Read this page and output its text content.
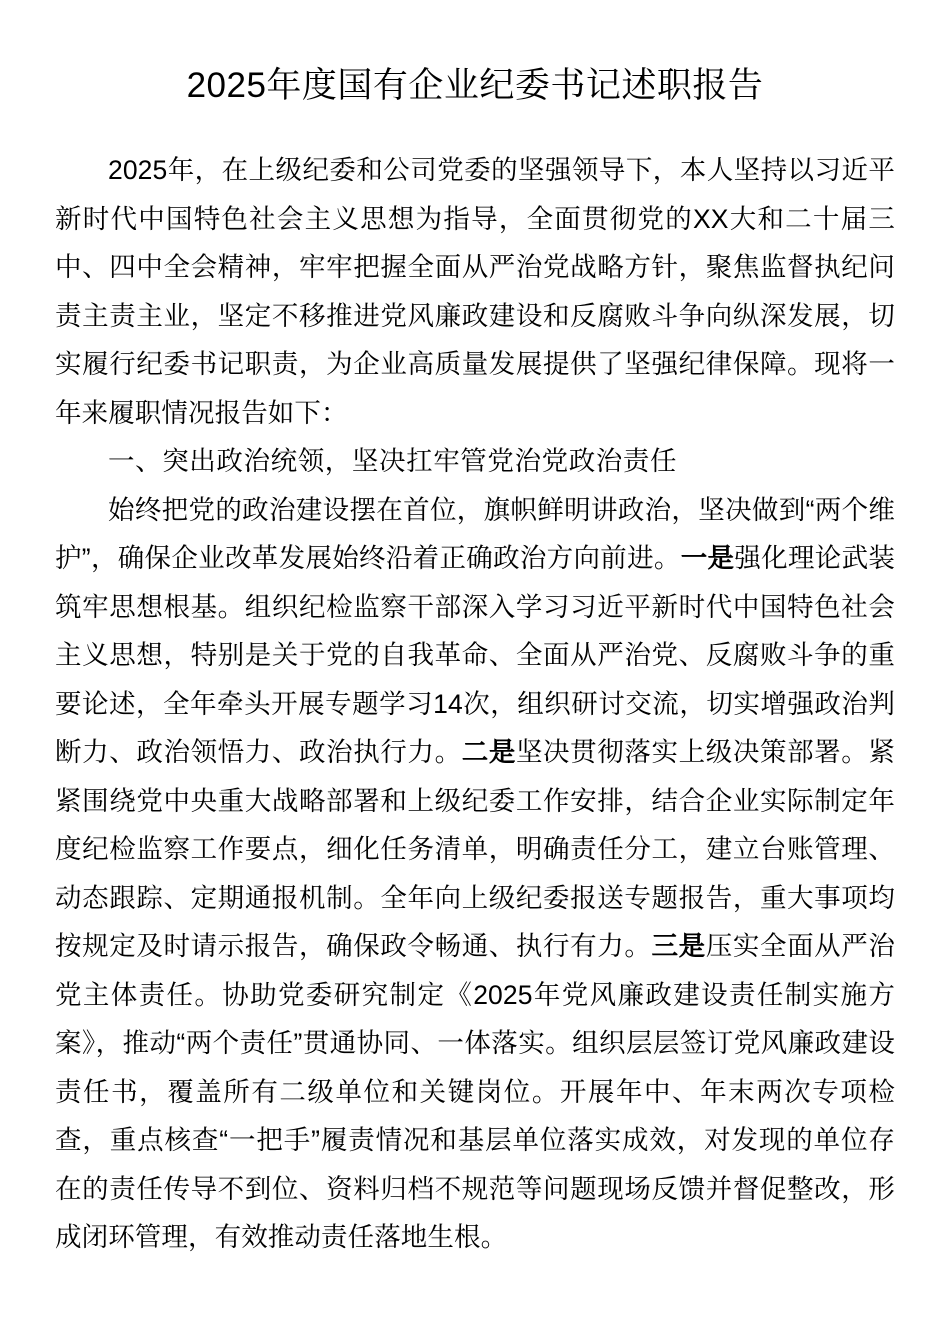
2025年度国有企业纪委书记述职报告

2025年，在上级纪委和公司党委的坚强领导下，本人坚持以习近平新时代中国特色社会主义思想为指导，全面贯彻党的XX大和二十届三中、四中全会精神，牢牢把握全面从严治党战略方针，聚焦监督执纪问责主责主业，坚定不移推进党风廉政建设和反腐败斗争向纵深发展，切实履行纪委书记职责，为企业高质量发展提供了坚强纪律保障。现将一年来履职情况报告如下：

一、突出政治统领，坚决扛牢管党治党政治责任

始终把党的政治建设摆在首位，旗帜鲜明讲政治，坚决做到“两个维护”，确保企业改革发展始终沿着正确政治方向前进。一是强化理论武装筑牢思想根基。组织纪检监察干部深入学习习近平新时代中国特色社会主义思想，特别是关于党的自我革命、全面从严治党、反腐败斗争的重要论述，全年牵头开展专题学习14次，组织研讨交流，切实增强政治判断力、政治领悟力、政治执行力。二是坚决贯彻落实上级决策部署。紧紧围绕党中央重大战略部署和上级纪委工作安排，结合企业实际制定年度纪检监察工作要点，细化任务清单，明确责任分工，建立台账管理、动态跟踪、定期通报机制。全年向上级纪委报送专题报告，重大事项均按规定及时请示报告，确保政令畅通、执行有力。三是压实全面从严治党主体责任。协助党委研究制定《2025年党风廉政建设责任制实施方案》，推动“两个责任”贯通协同、一体落实。组织层层签订党风廉政建设责任书，覆盖所有二级单位和关键岗位。开展年中、年末两次专项检查，重点核查“一把手”履责情况和基层单位落实成效，对发现的单位存在的责任传导不到位、资料归档不规范等问题现场反馈并督促整改，形成闭环管理，有效推动责任落地生根。
